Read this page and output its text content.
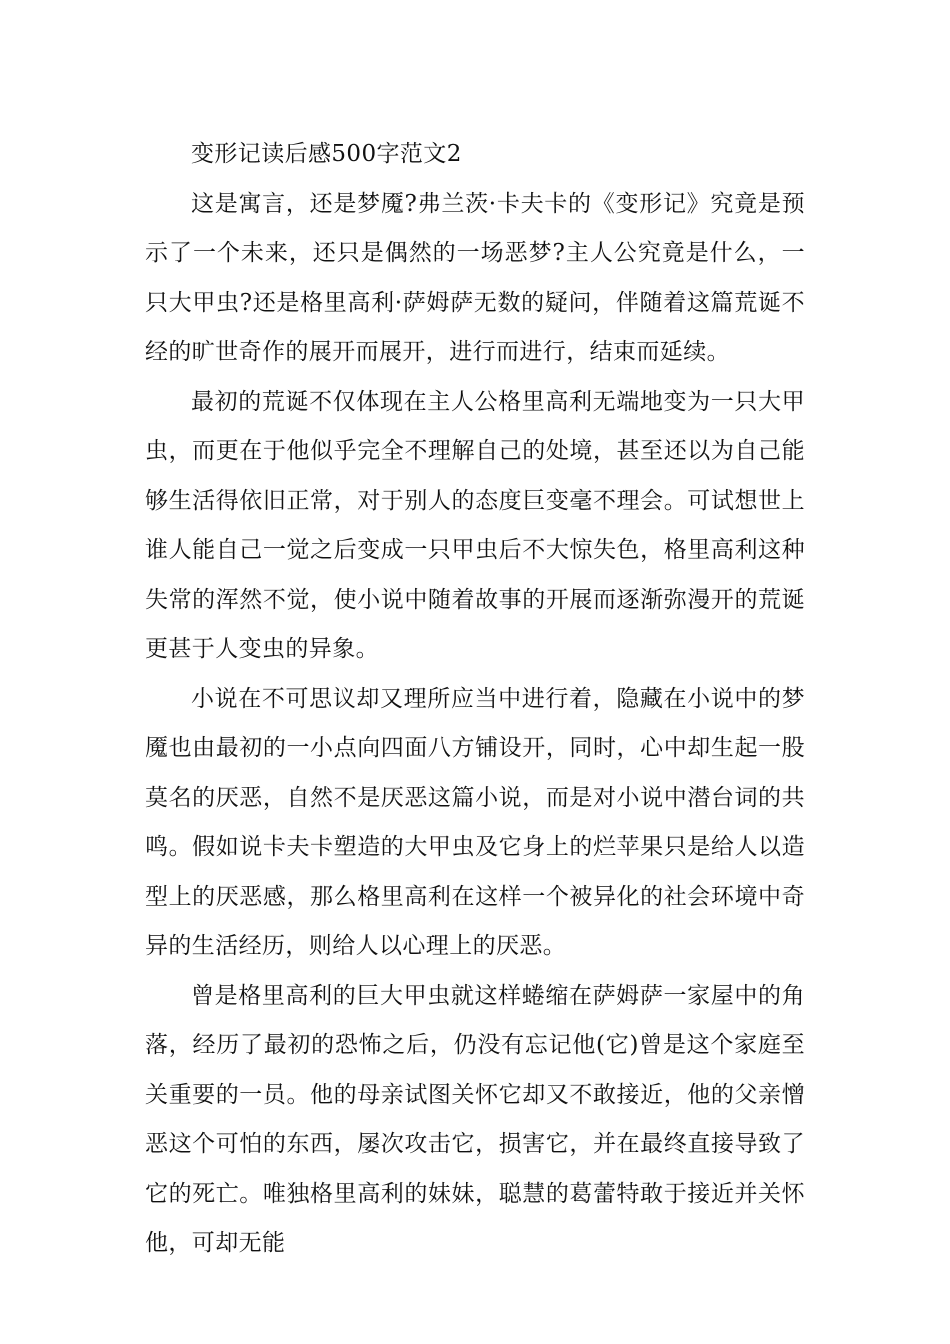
变形记读后感500字范文2

这是寓言，还是梦魇?弗兰茨·卡夫卡的《变形记》究竟是预示了一个未来，还只是偶然的一场恶梦?主人公究竟是什么，一只大甲虫?还是格里高利·萨姆萨无数的疑问，伴随着这篇荒诞不经的旷世奇作的展开而展开，进行而进行，结束而延续。

最初的荒诞不仅体现在主人公格里高利无端地变为一只大甲虫，而更在于他似乎完全不理解自己的处境，甚至还以为自己能够生活得依旧正常，对于别人的态度巨变毫不理会。可试想世上谁人能自己一觉之后变成一只甲虫后不大惊失色，格里高利这种失常的浑然不觉，使小说中随着故事的开展而逐渐弥漫开的荒诞更甚于人变虫的异象。

小说在不可思议却又理所应当中进行着，隐藏在小说中的梦魇也由最初的一小点向四面八方铺设开，同时，心中却生起一股莫名的厌恶，自然不是厌恶这篇小说，而是对小说中潜台词的共鸣。假如说卡夫卡塑造的大甲虫及它身上的烂苹果只是给人以造型上的厌恶感，那么格里高利在这样一个被异化的社会环境中奇异的生活经历，则给人以心理上的厌恶。

曾是格里高利的巨大甲虫就这样蜷缩在萨姆萨一家屋中的角落，经历了最初的恐怖之后，仍没有忘记他(它)曾是这个家庭至关重要的一员。他的母亲试图关怀它却又不敢接近，他的父亲憎恶这个可怕的东西，屡次攻击它，损害它，并在最终直接导致了它的死亡。唯独格里高利的妹妹，聪慧的葛蕾特敢于接近并关怀他，可却无能
